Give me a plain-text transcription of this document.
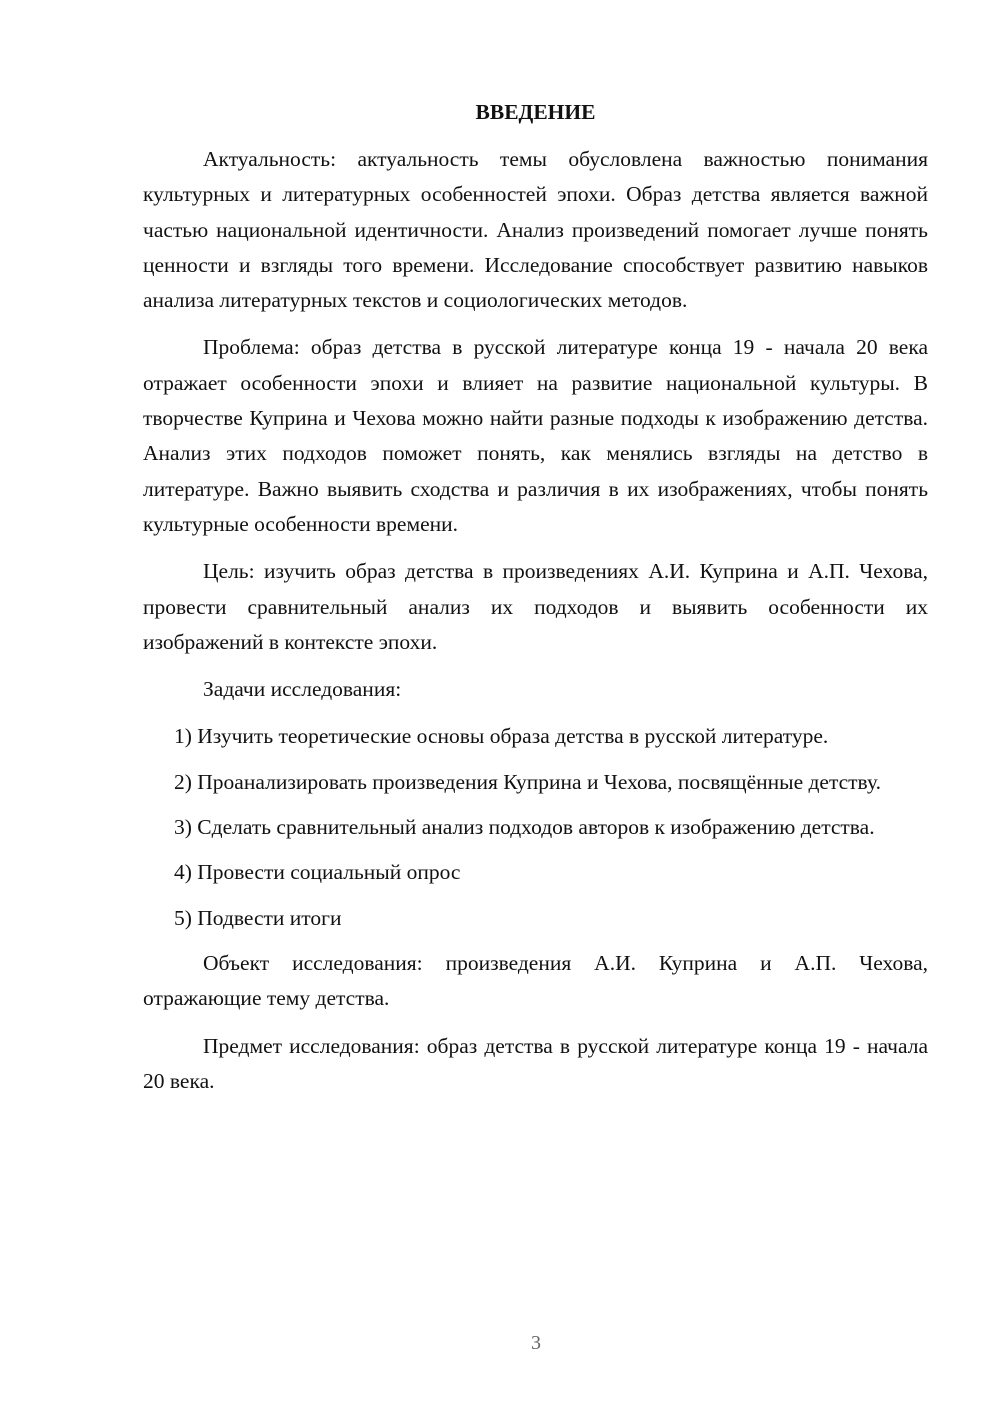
ВВЕДЕНИЕ

Актуальность: актуальность темы обусловлена важностью понимания культурных и литературных особенностей эпохи. Образ детства является важной частью национальной идентичности. Анализ произведений помогает лучше понять ценности и взгляды того времени. Исследование способствует развитию навыков анализа литературных текстов и социологических методов.

Проблема: образ детства в русской литературе конца 19 - начала 20 века отражает особенности эпохи и влияет на развитие национальной культуры. В творчестве Куприна и Чехова можно найти разные подходы к изображению детства. Анализ этих подходов поможет понять, как менялись взгляды на детство в литературе. Важно выявить сходства и различия в их изображениях, чтобы понять культурные особенности времени.

Цель: изучить образ детства в произведениях А.И. Куприна и А.П. Чехова, провести сравнительный анализ их подходов и выявить особенности их изображений в контексте эпохи.

Задачи исследования:

1) Изучить теоретические основы образа детства в русской литературе.

2) Проанализировать произведения Куприна и Чехова, посвящённые детству.

3) Сделать сравнительный анализ подходов авторов к изображению детства.

4) Провести социальный опрос

5) Подвести итоги

Объект исследования: произведения А.И. Куприна и А.П. Чехова, отражающие тему детства.

Предмет исследования: образ детства в русской литературе конца 19 - начала 20 века.

3
